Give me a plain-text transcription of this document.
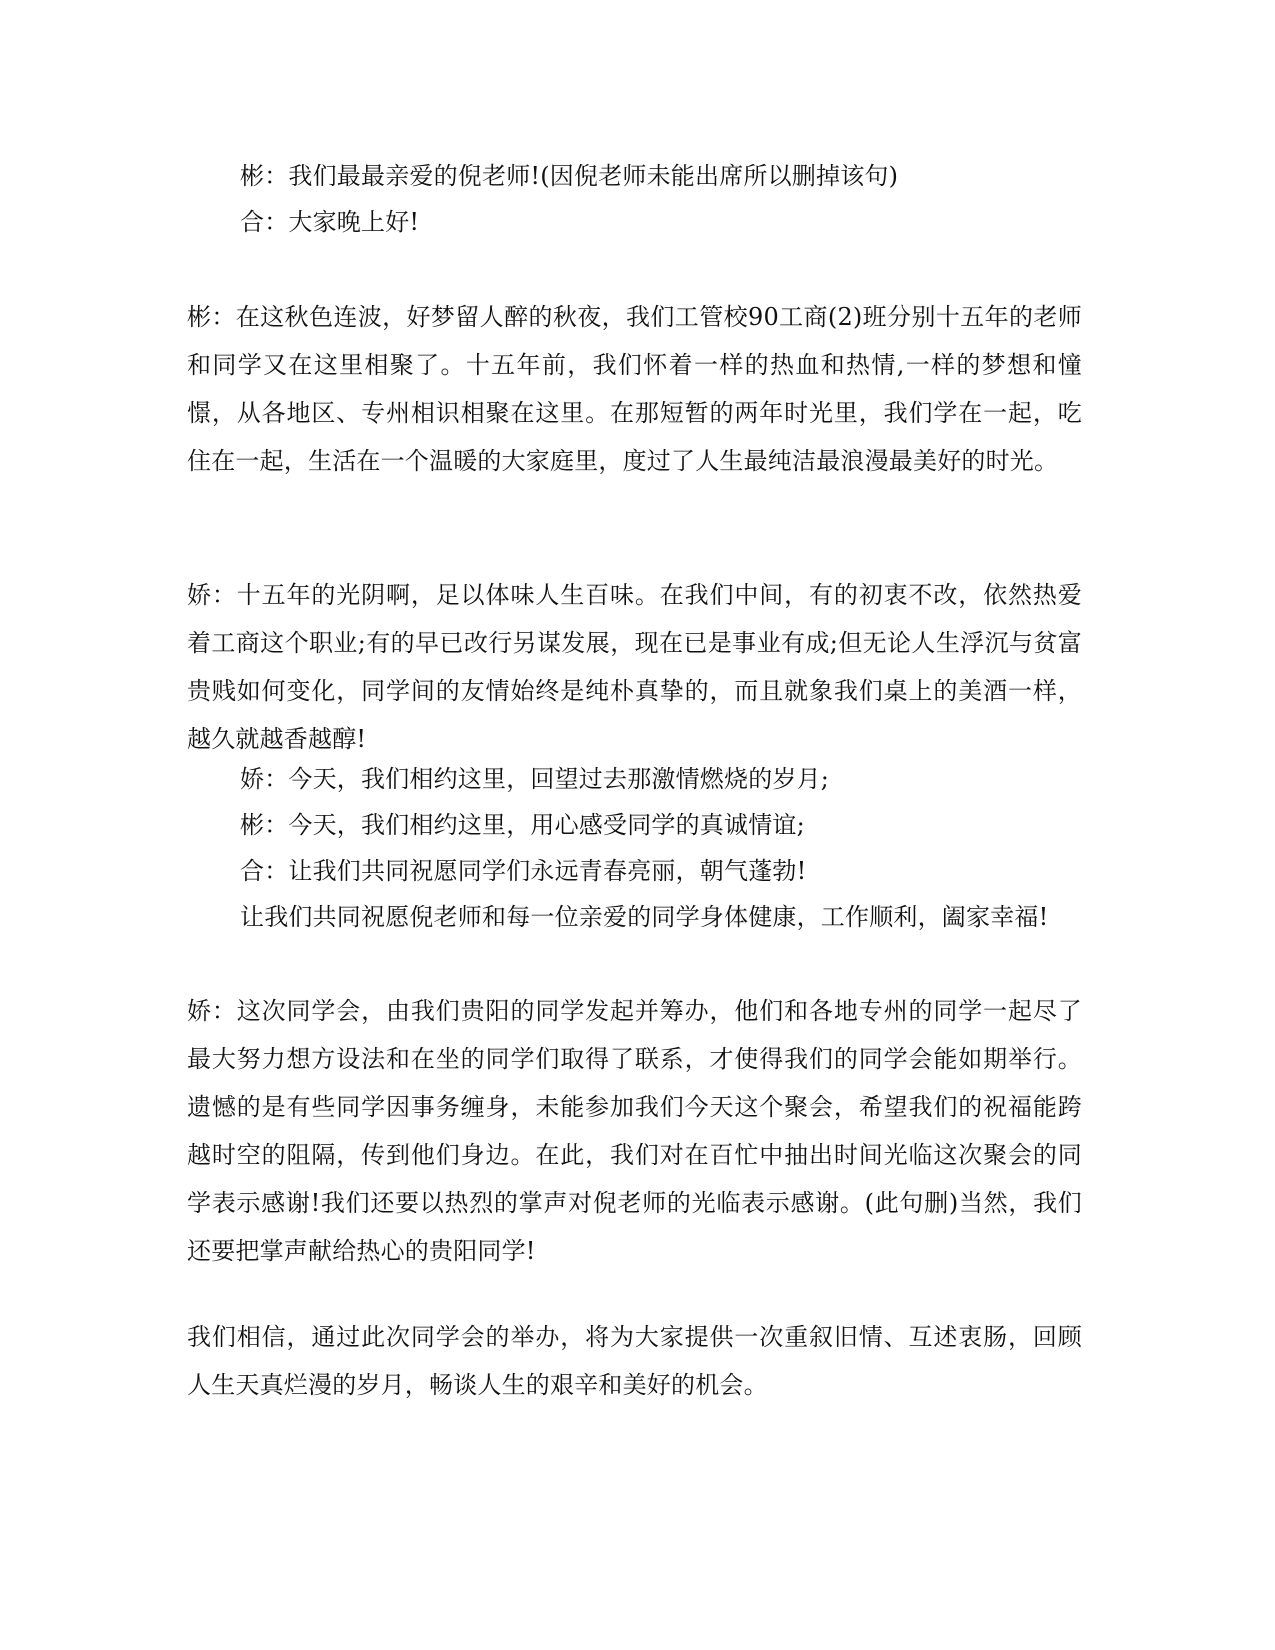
彬：我们最最亲爱的倪老师!(因倪老师未能出席所以删掉该句)
合：大家晚上好!
彬：在这秋色连波，好梦留人醉的秋夜，我们工管校90工商(2)班分别十五年的老师和同学又在这里相聚了。十五年前，我们怀着一样的热血和热情,一样的梦想和憧憬，从各地区、专州相识相聚在这里。在那短暂的两年时光里，我们学在一起，吃住在一起，生活在一个温暖的大家庭里，度过了人生最纯洁最浪漫最美好的时光。
娇：十五年的光阴啊，足以体味人生百味。在我们中间，有的初衷不改，依然热爱着工商这个职业;有的早已改行另谋发展，现在已是事业有成;但无论人生浮沉与贫富贵贱如何变化，同学间的友情始终是纯朴真挚的，而且就象我们桌上的美酒一样，越久就越香越醇!
娇：今天，我们相约这里，回望过去那激情燃烧的岁月;
彬：今天，我们相约这里，用心感受同学的真诚情谊;
合：让我们共同祝愿同学们永远青春亮丽，朝气蓬勃!
让我们共同祝愿倪老师和每一位亲爱的同学身体健康，工作顺利，阖家幸福!
娇：这次同学会，由我们贵阳的同学发起并筹办，他们和各地专州的同学一起尽了最大努力想方设法和在坐的同学们取得了联系，才使得我们的同学会能如期举行。遗憾的是有些同学因事务缠身，未能参加我们今天这个聚会，希望我们的祝福能跨越时空的阻隔，传到他们身边。在此，我们对在百忙中抽出时间光临这次聚会的同学表示感谢!我们还要以热烈的掌声对倪老师的光临表示感谢。(此句删)当然，我们还要把掌声献给热心的贵阳同学!
我们相信，通过此次同学会的举办，将为大家提供一次重叙旧情、互述衷肠，回顾人生天真烂漫的岁月，畅谈人生的艰辛和美好的机会。
